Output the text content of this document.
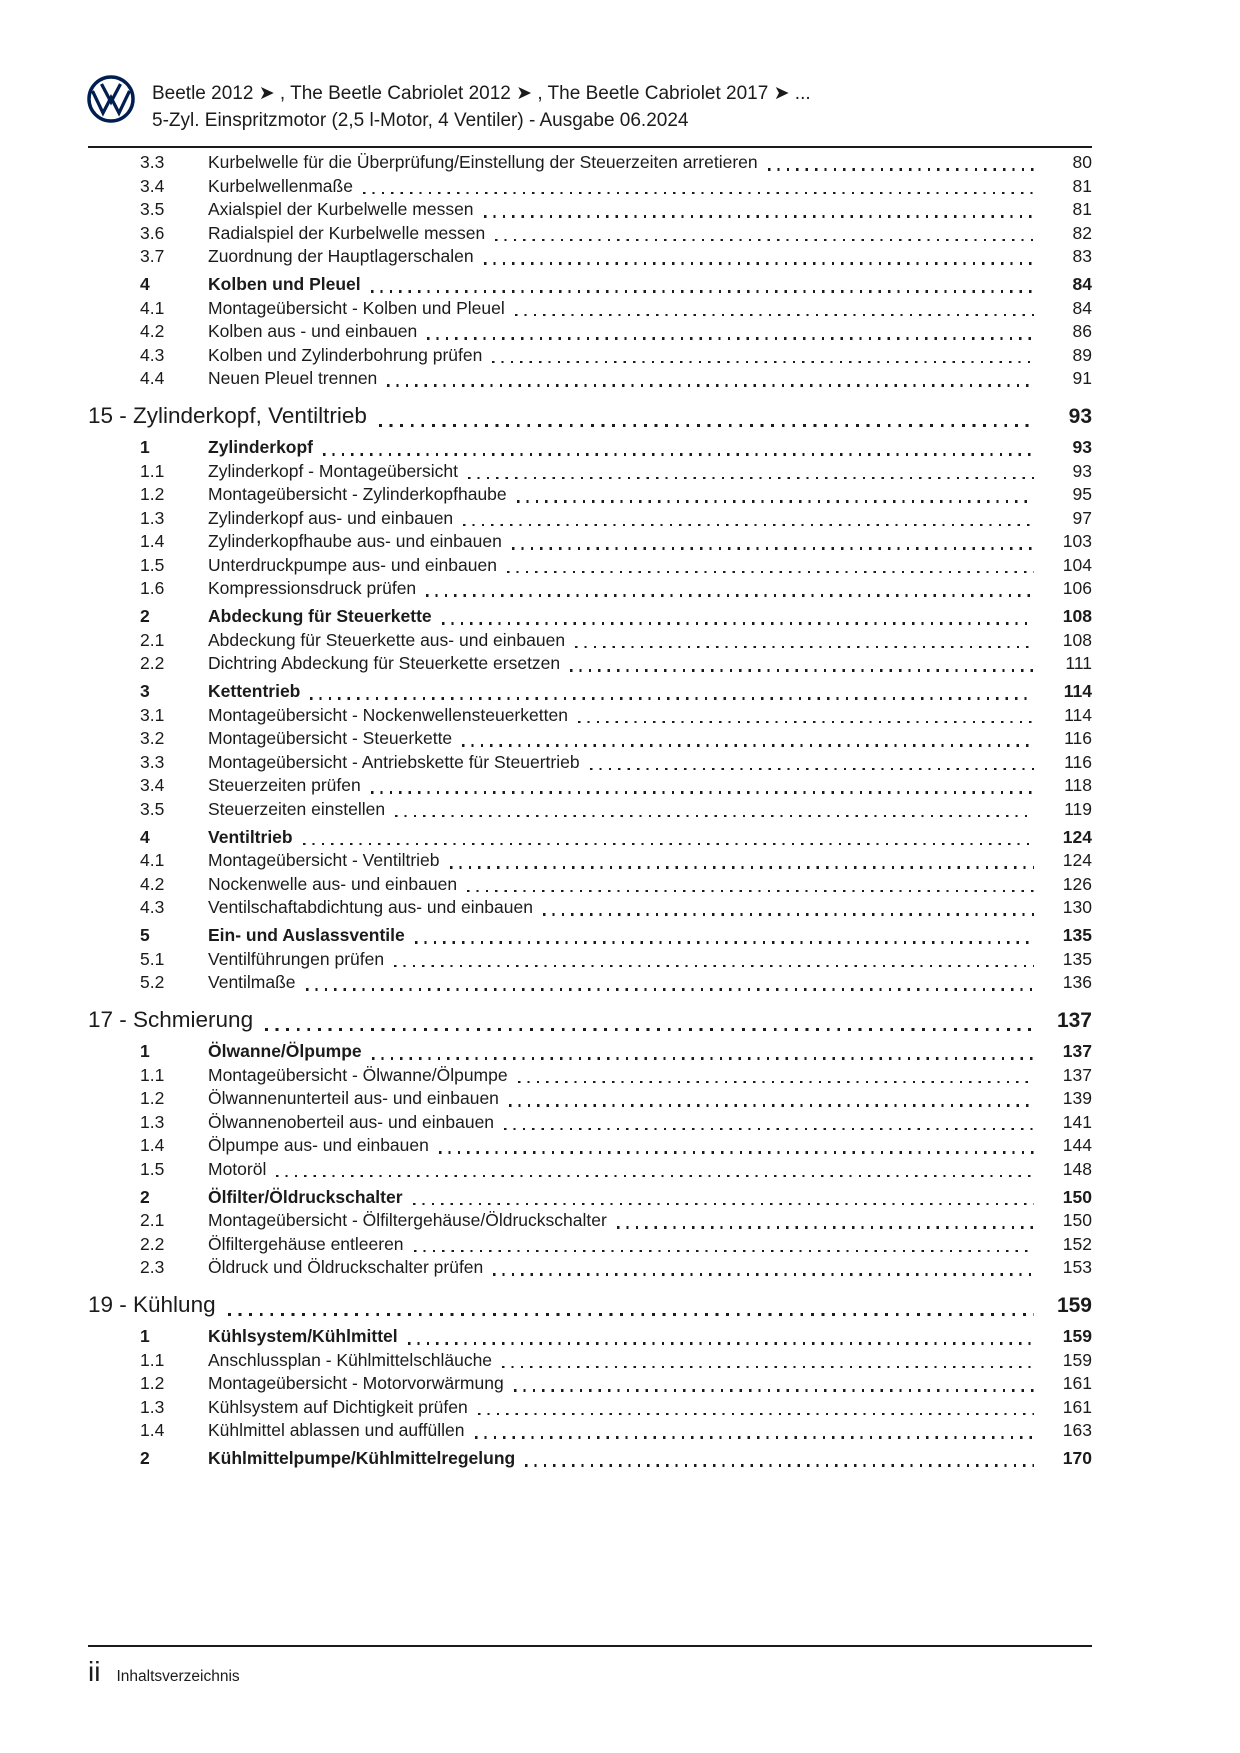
Beetle 2012 ➤ , The Beetle Cabriolet 2012 ➤ , The Beetle Cabriolet 2017 ➤ ...
5-Zyl. Einspritzmotor (2,5 l-Motor, 4 Ventiler) - Ausgabe 06.2024
3.3	Kurbelwelle für die Überprüfung/Einstellung der Steuerzeiten arretieren	80
3.4	Kurbelwellenmaße	81
3.5	Axialspiel der Kurbelwelle messen	81
3.6	Radialspiel der Kurbelwelle messen	82
3.7	Zuordnung der Hauptlagerschalen	83
4	Kolben und Pleuel	84
4.1	Montageübersicht - Kolben und Pleuel	84
4.2	Kolben aus - und einbauen	86
4.3	Kolben und Zylinderbohrung prüfen	89
4.4	Neuen Pleuel trennen	91
15 - Zylinderkopf, Ventiltrieb	93
1	Zylinderkopf	93
1.1	Zylinderkopf - Montageübersicht	93
1.2	Montageübersicht - Zylinderkopfhaube	95
1.3	Zylinderkopf aus- und einbauen	97
1.4	Zylinderkopfhaube aus- und einbauen	103
1.5	Unterdruckpumpe aus- und einbauen	104
1.6	Kompressionsdruck prüfen	106
2	Abdeckung für Steuerkette	108
2.1	Abdeckung für Steuerkette aus- und einbauen	108
2.2	Dichtring Abdeckung für Steuerkette ersetzen	111
3	Kettentrieb	114
3.1	Montageübersicht - Nockenwellensteuerketten	114
3.2	Montageübersicht - Steuerkette	116
3.3	Montageübersicht - Antriebskette für Steuertrieb	116
3.4	Steuerzeiten prüfen	118
3.5	Steuerzeiten einstellen	119
4	Ventiltrieb	124
4.1	Montageübersicht - Ventiltrieb	124
4.2	Nockenwelle aus- und einbauen	126
4.3	Ventilschaftabdichtung aus- und einbauen	130
5	Ein- und Auslassventile	135
5.1	Ventilführungen prüfen	135
5.2	Ventilmaße	136
17 - Schmierung	137
1	Ölwanne/Ölpumpe	137
1.1	Montageübersicht - Ölwanne/Ölpumpe	137
1.2	Ölwannenunterteil aus- und einbauen	139
1.3	Ölwannenoberteil aus- und einbauen	141
1.4	Ölpumpe aus- und einbauen	144
1.5	Motoröl	148
2	Ölfilter/Öldruckschalter	150
2.1	Montageübersicht - Ölfiltergehäuse/Öldruckschalter	150
2.2	Ölfiltergehäuse entleeren	152
2.3	Öldruck und Öldruckschalter prüfen	153
19 - Kühlung	159
1	Kühlsystem/Kühlmittel	159
1.1	Anschlussplan - Kühlmittelschläuche	159
1.2	Montageübersicht - Motorvorwärmung	161
1.3	Kühlsystem auf Dichtigkeit prüfen	161
1.4	Kühlmittel ablassen und auffüllen	163
2	Kühlmittelpumpe/Kühlmittelregelung	170
ii Inhaltsverzeichnis
